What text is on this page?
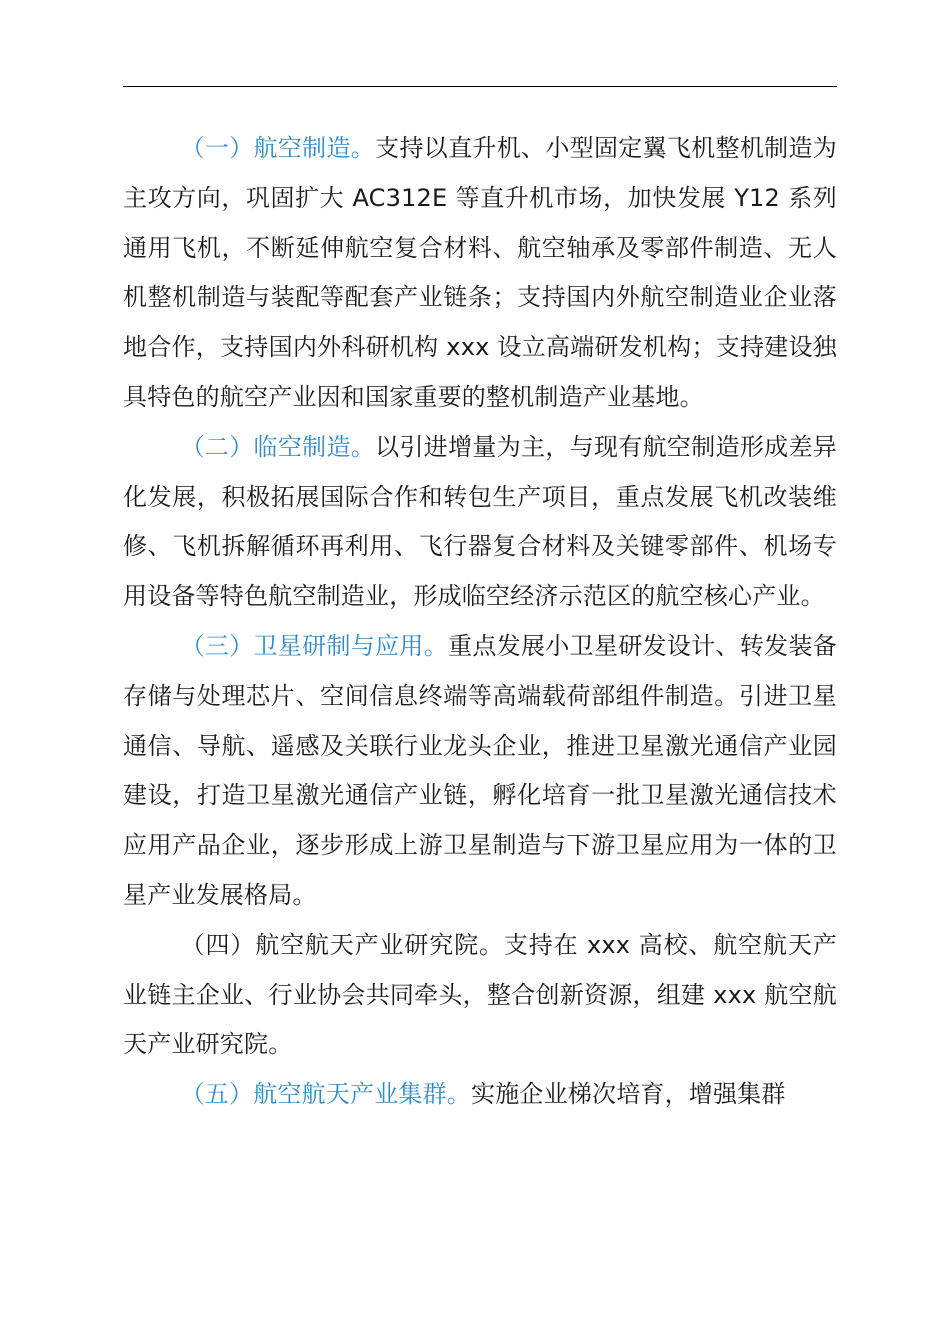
（一）航空制造。支持以直升机、小型固定翼飞机整机制造为主攻方向，巩固扩大 AC312E 等直升机市场，加快发展 Y12 系列通用飞机，不断延伸航空复合材料、航空轴承及零部件制造、无人机整机制造与装配等配套产业链条；支持国内外航空制造业企业落地合作，支持国内外科研机构 xxx 设立高端研发机构；支持建设独具特色的航空产业因和国家重要的整机制造产业基地。

（二）临空制造。以引进增量为主，与现有航空制造形成差异化发展，积极拓展国际合作和转包生产项目，重点发展飞机改装维修、飞机拆解循环再利用、飞行器复合材料及关键零部件、机场专用设备等特色航空制造业，形成临空经济示范区的航空核心产业。

（三）卫星研制与应用。重点发展小卫星研发设计、转发装备存储与处理芯片、空间信息终端等高端载荷部组件制造。引进卫星通信、导航、遥感及关联行业龙头企业，推进卫星激光通信产业园建设，打造卫星激光通信产业链，孵化培育一批卫星激光通信技术应用产品企业，逐步形成上游卫星制造与下游卫星应用为一体的卫星产业发展格局。

（四）航空航天产业研究院。支持在 xxx 高校、航空航天产业链主企业、行业协会共同牵头，整合创新资源，组建 xxx 航空航天产业研究院。

（五）航空航天产业集群。实施企业梯次培育，增强集群
